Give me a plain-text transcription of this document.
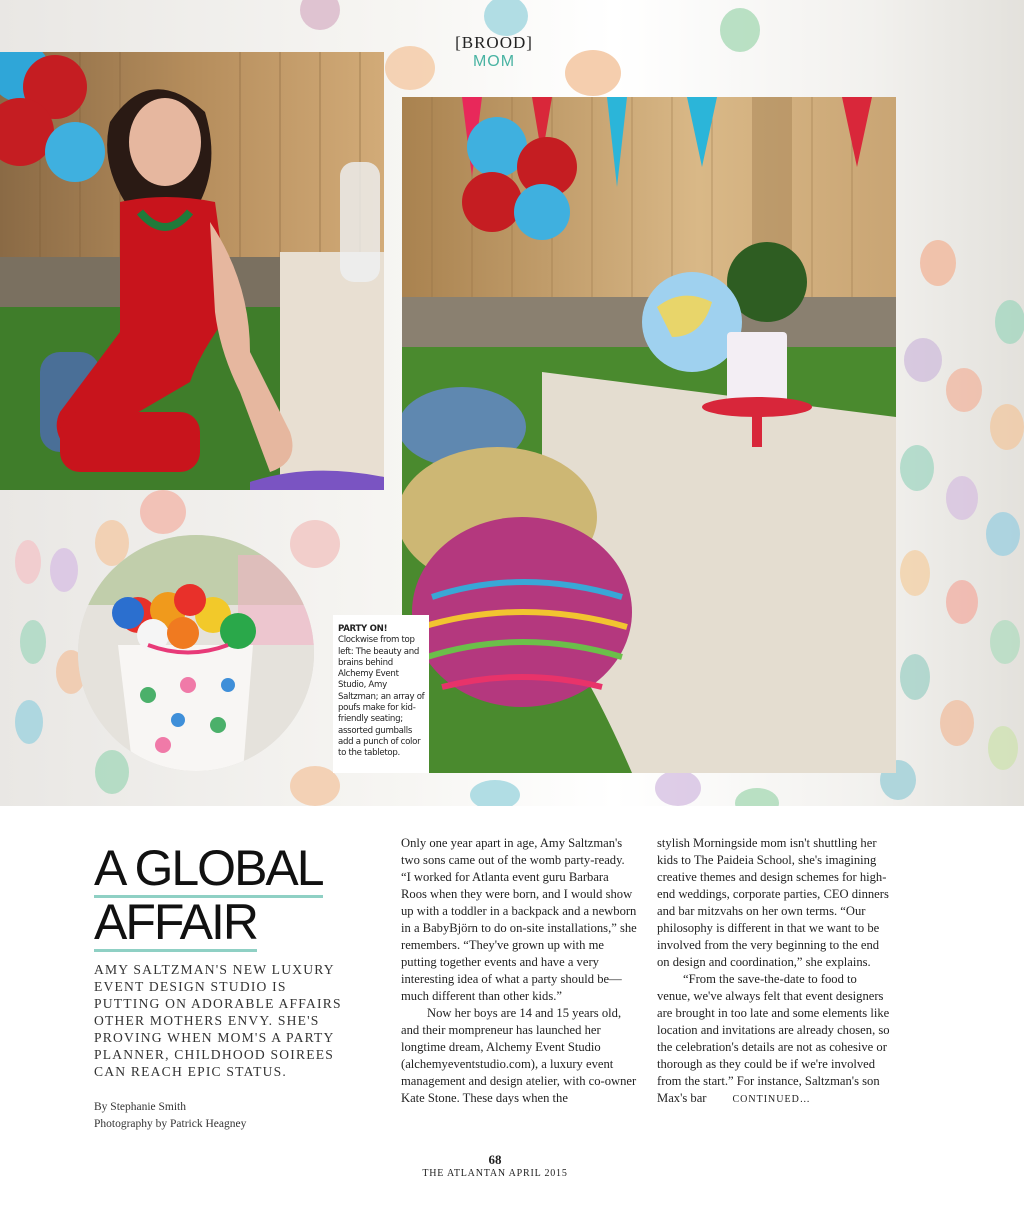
[BROOD]
MOM
PARTY ON! Clockwise from top left: The beauty and brains behind Alchemy Event Studio, Amy Saltzman; an array of poufs make for kid-friendly seating; assorted gumballs add a punch of color to the tabletop.
A GLOBAL
AFFAIR
AMY SALTZMAN'S NEW LUXURY EVENT DESIGN STUDIO IS PUTTING ON ADORABLE AFFAIRS OTHER MOTHERS ENVY. SHE'S PROVING WHEN MOM'S A PARTY PLANNER, CHILDHOOD SOIREES CAN REACH EPIC STATUS.
By Stephanie Smith
Photography by Patrick Heagney

Only one year apart in age, Amy Saltzman's two sons came out of the womb party-ready. “I worked for Atlanta event guru Barbara Roos when they were born, and I would show up with a toddler in a backpack and a newborn in a BabyBjörn to do on-site installations,” she remembers. “They've grown up with me putting together events and have a very interesting idea of what a party should be—much different than other kids.”

Now her boys are 14 and 15 years old, and their mompreneur has launched her longtime dream, Alchemy Event Studio (alchemyeventstudio.com), a luxury event management and design atelier, with co-owner Kate Stone. These days when the

stylish Morningside mom isn't shuttling her kids to The Paideia School, she's imagining creative themes and design schemes for high-end weddings, corporate parties, CEO dinners and bar mitzvahs on her own terms. “Our philosophy is different in that we want to be involved from the very beginning to the end on design and coordination,” she explains.

“From the save-the-date to food to venue, we've always felt that event designers are brought in too late and some elements like location and invitations are already chosen, so the celebration's details are not as cohesive or thorough as they could be if we're involved from the start.” For instance, Saltzman's son Max's bar	CONTINUED…

68
THE ATLANTAN APRIL 2015
